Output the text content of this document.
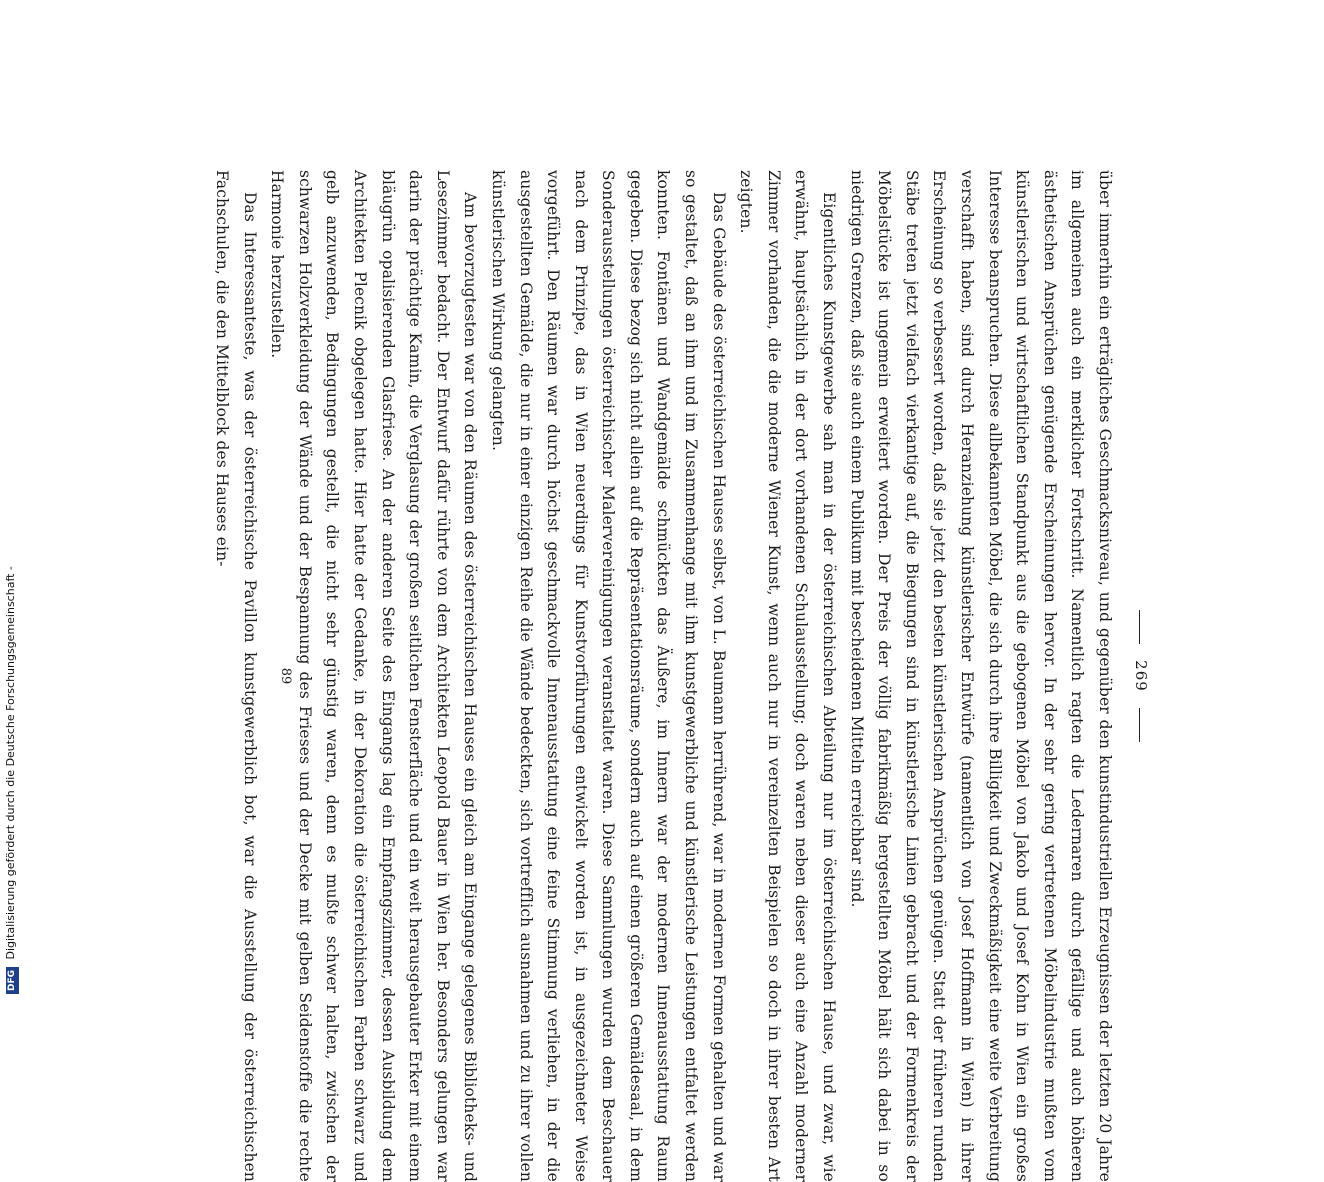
269

über immerhin ein erträgliches Geschmacksniveau, und gegenüber den kunstindustriellen Erzeugnissen der letzten 20 Jahre im allgemeinen auch ein merklicher Fortschritt. Namentlich ragten die Ledernaren durch gefällige und auch höheren ästhetischen Ansprüchen genügende Erscheinungen hervor. In der sehr gering vertretenen Möbelindustrie mußten vom künstlerischen und wirtschaftlichen Standpunkt aus die gebogenen Möbel von Jakob und Josef Kohn in Wien ein großes Interesse beanspruchen. Diese allbekannten Möbel, die sich durch ihre Billigkeit und Zweckmäßigkeit eine weite Verbreitung verschafft haben, sind durch Heranziehung künstlerischer Entwürfe (namentlich von Josef Hoffmann in Wien) in ihrer Erscheinung so verbessert worden, daß sie jetzt den besten künstlerischen Ansprüchen genügen. Statt der früheren runden Stäbe treten jetzt vielfach vierkantige auf, die Biegungen sind in künstlerische Linien gebracht und der Formenkreis der Möbelstücke ist ungemein erweitert worden. Der Preis der völlig fabrikmäßig hergestellten Möbel hält sich dabei in so niedrigen Grenzen, daß sie auch einem Publikum mit bescheidenen Mitteln erreichbar sind.

Eigentliches Kunstgewerbe sah man in der österreichischen Abteilung nur im österreichischen Hause, und zwar, wie erwähnt, hauptsächlich in der dort vorhandenen Schulausstellung; doch waren neben dieser auch eine Anzahl moderner Zimmer vorhanden, die die moderne Wiener Kunst, wenn auch nur in vereinzelten Beispielen so doch in ihrer besten Art zeigten.

Das Gebäude des österreichischen Hauses selbst, von L. Baumann herrührend, war in modernen Formen gehalten und war so gestaltet, daß an ihm und im Zusammenhange mit ihm kunstgewerbliche und künstlerische Leistungen entfaltet werden konnten. Fontänen und Wandgemälde schmückten das Äußere, im Innern war der modernen Innenausstattung Raum gegeben. Diese bezog sich nicht allein auf die Repräsentationsräume, sondern auch auf einen größeren Gemäldesaal, in dem Sonderausstellungen österreichischer Malervereinigungen veranstaltet waren. Diese Sammlungen wurden dem Beschauer nach dem Prinzipe, das in Wien neuerdings für Kunstvorführungen entwickelt worden ist, in ausgezeichneter Weise vorgeführt. Den Räumen war durch höchst geschmackvolle Innenausstattung eine feine Stimmung verliehen, in der die ausgestellten Gemälde, die nur in einer einzigen Reihe die Wände bedeckten, sich vortrefflich ausnahmen und zu ihrer vollen künstlerischen Wirkung gelangten.

Am bevorzugtesten war von den Räumen des österreichischen Hauses ein gleich am Eingange gelegenes Bibliotheks- und Lesezimmer bedacht. Der Entwurf dafür rührte von dem Architekten Leopold Bauer in Wien her. Besonders gelungen war darin der prächtige Kamin, die Verglasung der großen seitlichen Fensterfläche und ein weit herausgebauter Erker mit einem bläugrün opalisierenden Glasfriese. An der anderen Seite des Eingangs lag ein Empfangszimmer, dessen Ausbildung dem Architekten Plecnik obgelegen hatte. Hier hatte der Gedanke, in der Dekoration die österreichischen Farben schwarz und gelb anzuwenden, Bedingungen gestellt, die nicht sehr günstig waren, denn es mußte schwer halten, zwischen der schwarzen Holzverkleidung der Wände und der Bespannung des Frieses und der Decke mit gelben Seidenstoffe die rechte Harmonie herzustellen.

Das Interessanteste, was der österreichische Pavillon kunstgewerblich bot, war die Ausstellung der österreichischen Fachschulen, die den Mittelblock des Hauses ein-

89
DFG Digitalisierung gefördert durch die Deutsche Forschungsgemeinschaft -
